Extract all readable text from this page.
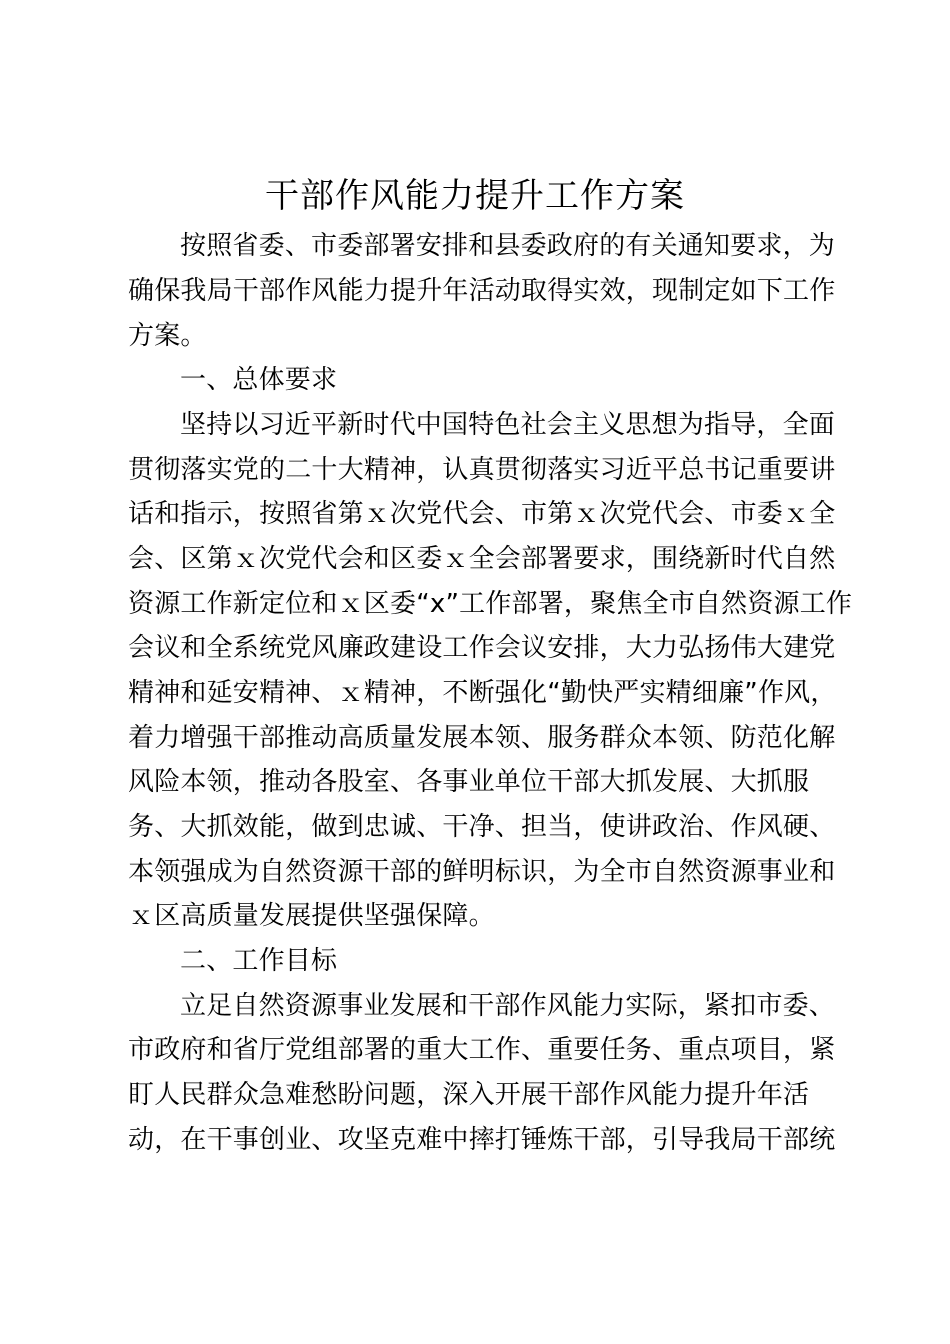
干部作风能力提升工作方案
按照省委、市委部署安排和县委政府的有关通知要求，为
确保我局干部作风能力提升年活动取得实效，现制定如下工作
方案。
一、总体要求
坚持以习近平新时代中国特色社会主义思想为指导，全面
贯彻落实党的二十大精神，认真贯彻落实习近平总书记重要讲
话和指示，按照省第ｘ次党代会、市第ｘ次党代会、市委ｘ全
会、区第ｘ次党代会和区委ｘ全会部署要求，围绕新时代自然
资源工作新定位和ｘ区委“x”工作部署，聚焦全市自然资源工作
会议和全系统党风廉政建设工作会议安排，大力弘扬伟大建党
精神和延安精神、ｘ精神，不断强化“勤快严实精细廉”作风，
着力增强干部推动高质量发展本领、服务群众本领、防范化解
风险本领，推动各股室、各事业单位干部大抓发展、大抓服
务、大抓效能，做到忠诚、干净、担当，使讲政治、作风硬、
本领强成为自然资源干部的鲜明标识，为全市自然资源事业和
ｘ区高质量发展提供坚强保障。
二、工作目标
立足自然资源事业发展和干部作风能力实际，紧扣市委、
市政府和省厅党组部署的重大工作、重要任务、重点项目，紧
盯人民群众急难愁盼问题，深入开展干部作风能力提升年活
动，在干事创业、攻坚克难中摔打锤炼干部，引导我局干部统
